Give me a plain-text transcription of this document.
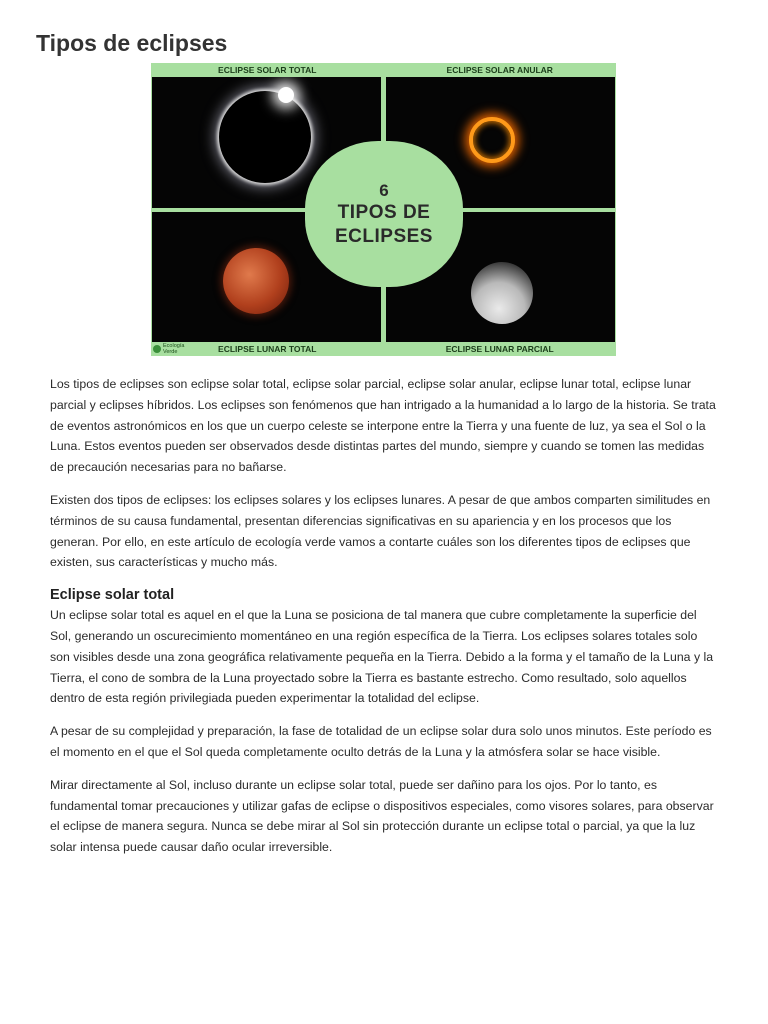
Tipos de eclipses
ECLIPSE SOLAR TOTAL	ECLIPSE SOLAR ANULAR
6
TIPOS DE
ECLIPSES
ECLIPSE LUNAR TOTAL	ECLIPSE LUNAR PARCIAL
Ecología
Verde

Los tipos de eclipses son eclipse solar total, eclipse solar parcial, eclipse solar anular, eclipse lunar total, eclipse lunar parcial y eclipses híbridos. Los eclipses son fenómenos que han intrigado a la humanidad a lo largo de la historia. Se trata de eventos astronómicos en los que un cuerpo celeste se interpone entre la Tierra y una fuente de luz, ya sea el Sol o la Luna. Estos eventos pueden ser observados desde distintas partes del mundo, siempre y cuando se tomen las medidas de precaución necesarias para no bañarse.

Existen dos tipos de eclipses: los eclipses solares y los eclipses lunares. A pesar de que ambos comparten similitudes en términos de su causa fundamental, presentan diferencias significativas en su apariencia y en los procesos que los generan. Por ello, en este artículo de ecología verde vamos a contarte cuáles son los diferentes tipos de eclipses que existen, sus características y mucho más.

Eclipse solar total

Un eclipse solar total es aquel en el que la Luna se posiciona de tal manera que cubre completamente la superficie del Sol, generando un oscurecimiento momentáneo en una región específica de la Tierra. Los eclipses solares totales solo son visibles desde una zona geográfica relativamente pequeña en la Tierra. Debido a la forma y el tamaño de la Luna y la Tierra, el cono de sombra de la Luna proyectado sobre la Tierra es bastante estrecho. Como resultado, solo aquellos dentro de esta región privilegiada pueden experimentar la totalidad del eclipse.

A pesar de su complejidad y preparación, la fase de totalidad de un eclipse solar dura solo unos minutos. Este período es el momento en el que el Sol queda completamente oculto detrás de la Luna y la atmósfera solar se hace visible.

Mirar directamente al Sol, incluso durante un eclipse solar total, puede ser dañino para los ojos. Por lo tanto, es fundamental tomar precauciones y utilizar gafas de eclipse o dispositivos especiales, como visores solares, para observar el eclipse de manera segura. Nunca se debe mirar al Sol sin protección durante un eclipse total o parcial, ya que la luz solar intensa puede causar daño ocular irreversible.
